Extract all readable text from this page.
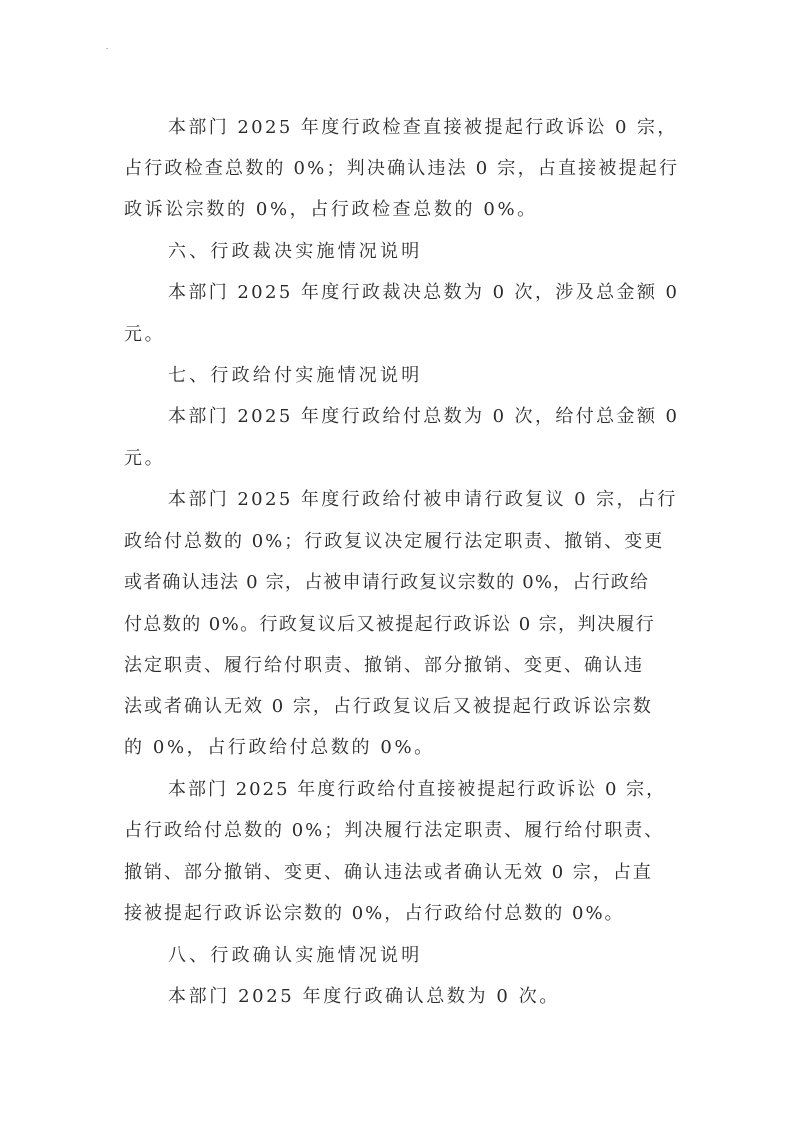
本部门 2025 年度行政检查直接被提起行政诉讼 0 宗，

占行政检查总数的 0%；判决确认违法 0 宗，占直接被提起行

政诉讼宗数的 0%，占行政检查总数的 0%。

六、行政裁决实施情况说明

本部门 2025 年度行政裁决总数为 0 次，涉及总金额 0

元。

七、行政给付实施情况说明

本部门 2025 年度行政给付总数为 0 次，给付总金额 0

元。

本部门 2025 年度行政给付被申请行政复议 0 宗，占行

政给付总数的 0%；行政复议决定履行法定职责、撤销、变更

或者确认违法 0 宗，占被申请行政复议宗数的 0%，占行政给

付总数的 0%。行政复议后又被提起行政诉讼 0 宗，判决履行

法定职责、履行给付职责、撤销、部分撤销、变更、确认违

法或者确认无效 0 宗，占行政复议后又被提起行政诉讼宗数

的 0%，占行政给付总数的 0%。

本部门 2025 年度行政给付直接被提起行政诉讼 0 宗，

占行政给付总数的 0%；判决履行法定职责、履行给付职责、

撤销、部分撤销、变更、确认违法或者确认无效 0 宗，占直

接被提起行政诉讼宗数的 0%，占行政给付总数的 0%。

八、行政确认实施情况说明

本部门 2025 年度行政确认总数为 0 次。
